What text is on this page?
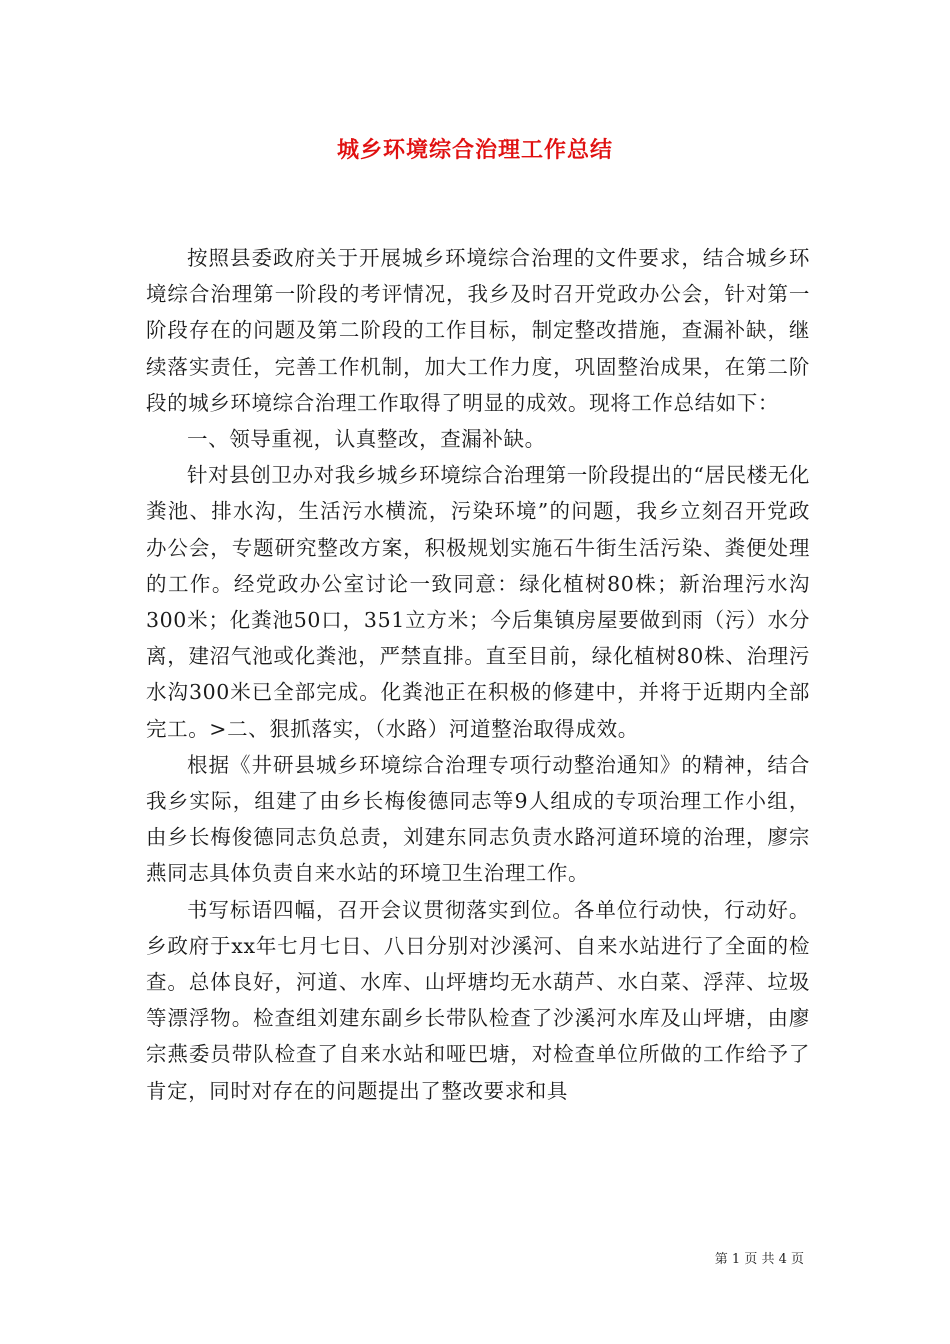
城乡环境综合治理工作总结

按照县委政府关于开展城乡环境综合治理的文件要求，结合城乡环境综合治理第一阶段的考评情况，我乡及时召开党政办公会，针对第一阶段存在的问题及第二阶段的工作目标，制定整改措施，查漏补缺，继续落实责任，完善工作机制，加大工作力度，巩固整治成果，在第二阶段的城乡环境综合治理工作取得了明显的成效。现将工作总结如下：

一、领导重视，认真整改，查漏补缺。

针对县创卫办对我乡城乡环境综合治理第一阶段提出的“居民楼无化粪池、排水沟，生活污水横流，污染环境”的问题，我乡立刻召开党政办公会，专题研究整改方案，积极规划实施石牛街生活污染、粪便处理的工作。经党政办公室讨论一致同意：绿化植树80株；新治理污水沟300米；化粪池50口，351立方米；今后集镇房屋要做到雨（污）水分离，建沼气池或化粪池，严禁直排。直至目前，绿化植树80株、治理污水沟300米已全部完成。化粪池正在积极的修建中，并将于近期内全部完工。>二、狠抓落实，（水路）河道整治取得成效。

根据《井研县城乡环境综合治理专项行动整治通知》的精神，结合我乡实际，组建了由乡长梅俊德同志等9人组成的专项治理工作小组，由乡长梅俊德同志负总责，刘建东同志负责水路河道环境的治理，廖宗燕同志具体负责自来水站的环境卫生治理工作。

书写标语四幅，召开会议贯彻落实到位。各单位行动快，行动好。乡政府于xx年七月七日、八日分别对沙溪河、自来水站进行了全面的检查。总体良好，河道、水库、山坪塘均无水葫芦、水白菜、浮萍、垃圾等漂浮物。检查组刘建东副乡长带队检查了沙溪河水库及山坪塘，由廖宗燕委员带队检查了自来水站和哑巴塘，对检查单位所做的工作给予了肯定，同时对存在的问题提出了整改要求和具

第 1 页 共 4 页
